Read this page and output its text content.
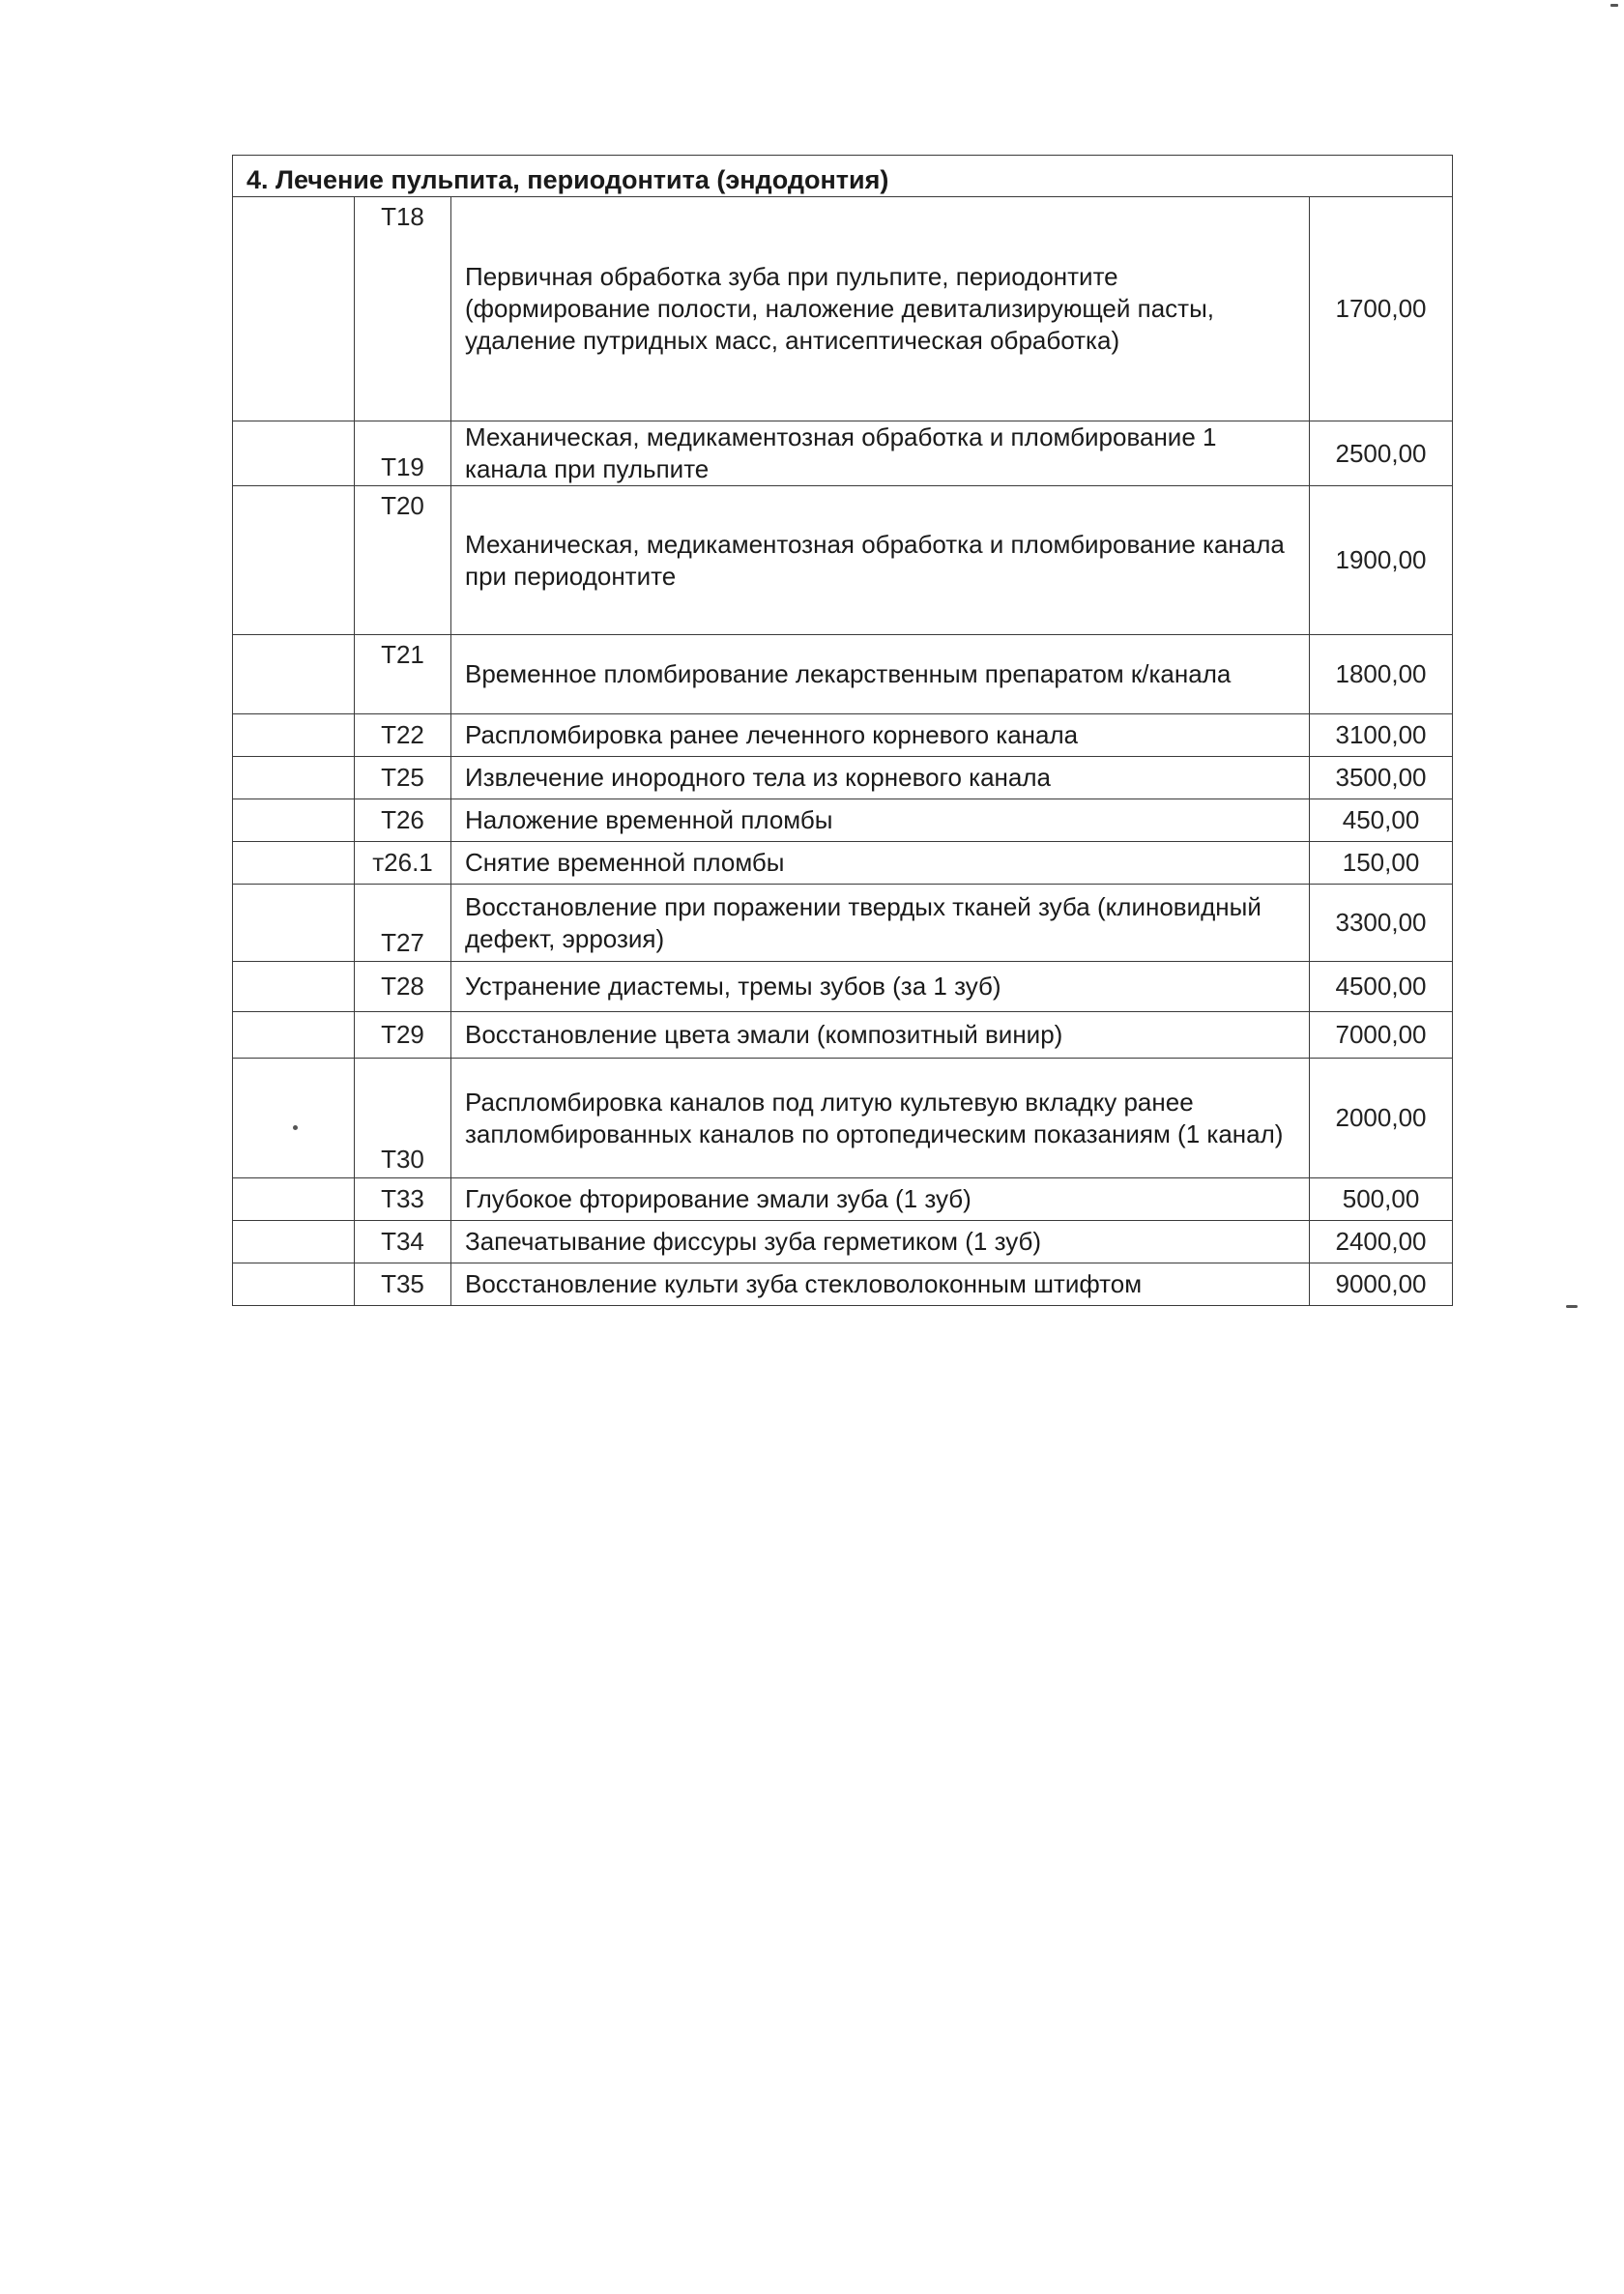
4. Лечение пульпита, периодонтита (эндодонтия)			
	Т18	Первичная обработка зуба при пульпите, периодонтите (формирование полости, наложение девитализирующей пасты, удаление путридных масс, антисептическая обработка)	1700,00
	Т19	Механическая, медикаментозная обработка и пломбирование 1 канала при пульпите	2500,00
	Т20	Механическая, медикаментозная обработка и пломбирование канала при периодонтите	1900,00
	Т21	Временное пломбирование лекарственным препаратом к/канала	1800,00
	Т22	Распломбировка ранее леченного корневого канала	3100,00
	Т25	Извлечение инородного тела из корневого канала	3500,00
	Т26	Наложение временной пломбы	450,00
	т26.1	Снятие временной пломбы	150,00
	Т27	Восстановление при поражении твердых тканей зуба (клиновидный дефект, эррозия)	3300,00
	Т28	Устранение диастемы, тремы зубов (за 1 зуб)	4500,00
	Т29	Восстановление цвета эмали (композитный винир)	7000,00
	Т30	Распломбировка каналов под литую культевую вкладку ранее запломбированных каналов по ортопедическим показаниям (1 канал)	2000,00
	Т33	Глубокое фторирование эмали зуба (1 зуб)	500,00
	Т34	Запечатывание фиссуры зуба герметиком (1 зуб)	2400,00
	Т35	Восстановление культи зуба стекловолоконным штифтом	9000,00
